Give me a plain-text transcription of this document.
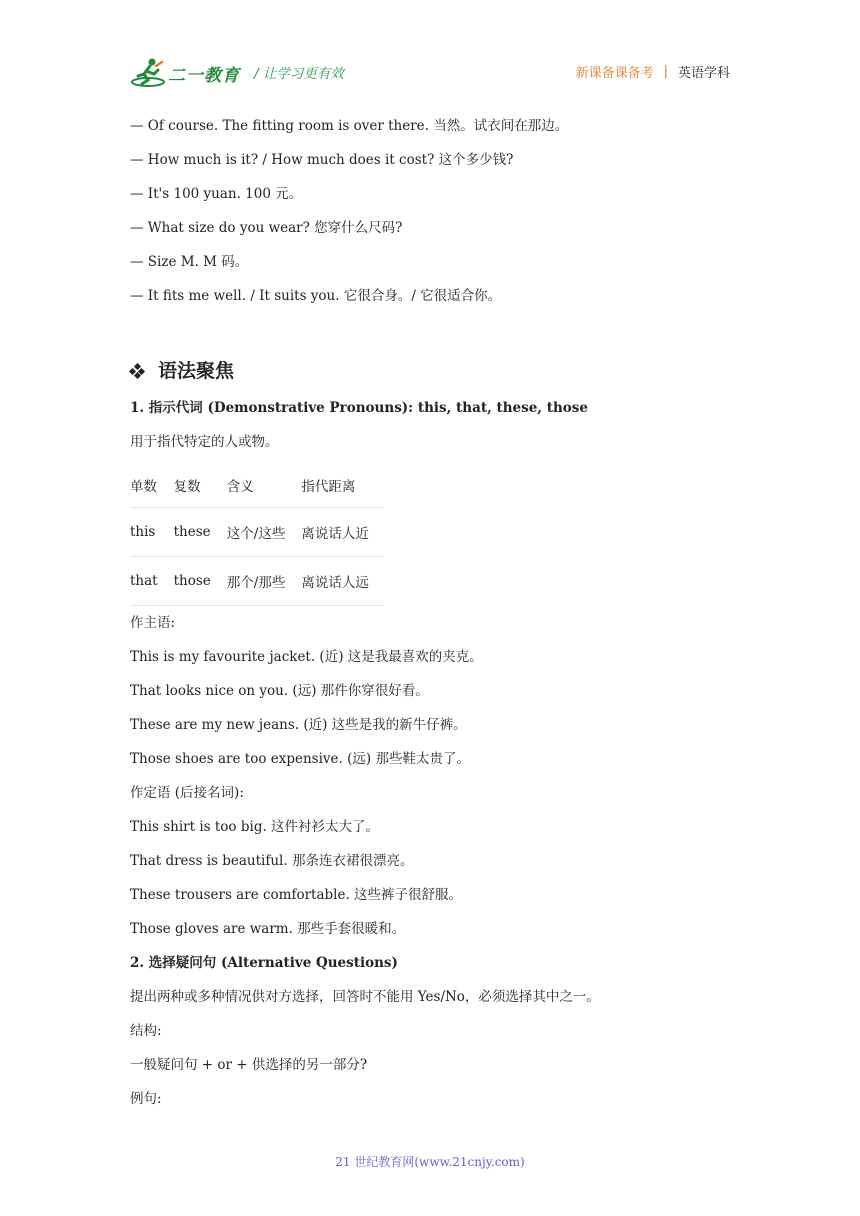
二一教育 / 让学习更有效	新课备课备考 | 英语学科
— Of course. The fitting room is over there. 当然。试衣间在那边。
— How much is it? / How much does it cost? 这个多少钱?
— It's 100 yuan. 100 元。
— What size do you wear? 您穿什么尺码?
— Size M. M 码。
— It fits me well. / It suits you. 它很合身。/ 它很适合你。
语法聚焦
1. 指示代词 (Demonstrative Pronouns): this, that, these, those
用于指代特定的人或物。
单数	复数	含义	指代距离
this	these	这个/这些	离说话人近
that	those	那个/那些	离说话人远
作主语:
This is my favourite jacket. (近) 这是我最喜欢的夹克。
That looks nice on you. (远) 那件你穿很好看。
These are my new jeans. (近) 这些是我的新牛仔裤。
Those shoes are too expensive. (远) 那些鞋太贵了。
作定语 (后接名词):
This shirt is too big. 这件衬衫太大了。
That dress is beautiful. 那条连衣裙很漂亮。
These trousers are comfortable. 这些裤子很舒服。
Those gloves are warm. 那些手套很暖和。
2. 选择疑问句 (Alternative Questions)
提出两种或多种情况供对方选择，回答时不能用 Yes/No，必须选择其中之一。
结构:
一般疑问句 + or + 供选择的另一部分?
例句:
21 世纪教育网(www.21cnjy.com)
